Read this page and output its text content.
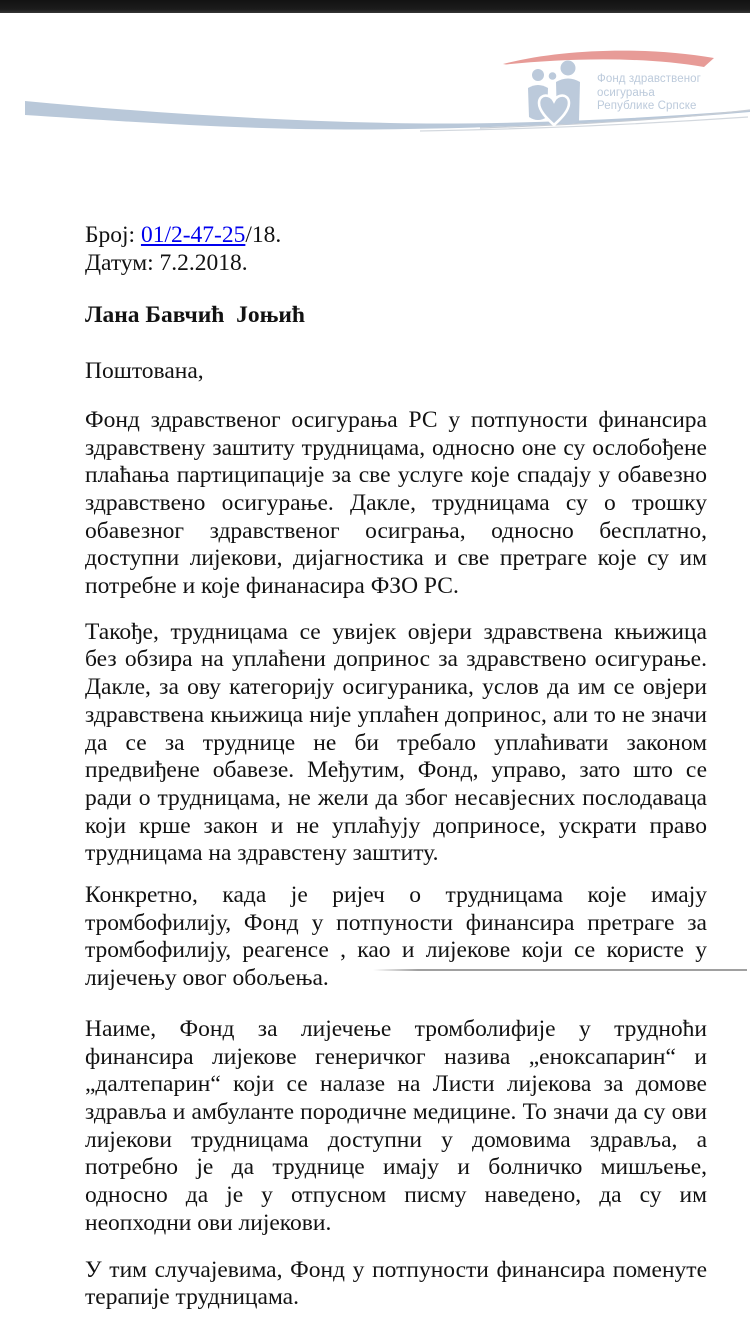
Фонд здравственог осигурања
Републике Српске
Број: 01/2-47-25/18.
Датум: 7.2.2018.
Лана Бавчић  Јоњић
Поштована,
Фонд здравственог осигурања РС у потпуности финансира здравствену заштиту трудницама, односно оне су ослобођене плаћања партиципације за све услуге које спадају у обавезно здравствено осигурање. Дакле, трудницама су о трошку обавезног здравственог осиграња, односно бесплатно, доступни лијекови, дијагностика и све претраге које су им потребне и које финанасира ФЗО РС.
Такође, трудницама се увијек овјери здравствена књижица без обзира на уплаћени допринос за здравствено осигурање. Дакле, за ову категорију осигураника, услов да им се овјери здравствена књижица није уплаћен допринос, али то не значи да се за труднице не би требало уплаћивати законом предвиђене обавезе. Међутим, Фонд, управо, зато што се ради о трудницама, не жели да због несавјесних послодаваца који крше закон и не уплаћују доприносе, ускрати право трудницама на здравстену заштиту.
Конкретно, када је ријеч о трудницама које имају тромбофилију, Фонд у потпуности финансира претраге за тромбофилију, реагенсе , као и лијекове који се користе у лијечењу овог обољења.
Наиме, Фонд за лијечење тромболифије у трудноћи финансира лијекове генеричког назива „еноксапарин“ и „далтепарин“ који се налазе на Листи лијекова за домове здравља и амбуланте породичне медицине. То значи да су ови лијекови трудницама доступни у домовима здравља, а потребно је да труднице имају и болничко мишљење, односно да је у отпусном писму наведено, да су им неопходни ови лијекови.
У тим случајевима, Фонд у потпуности финансира поменуте терапије трудницама.
